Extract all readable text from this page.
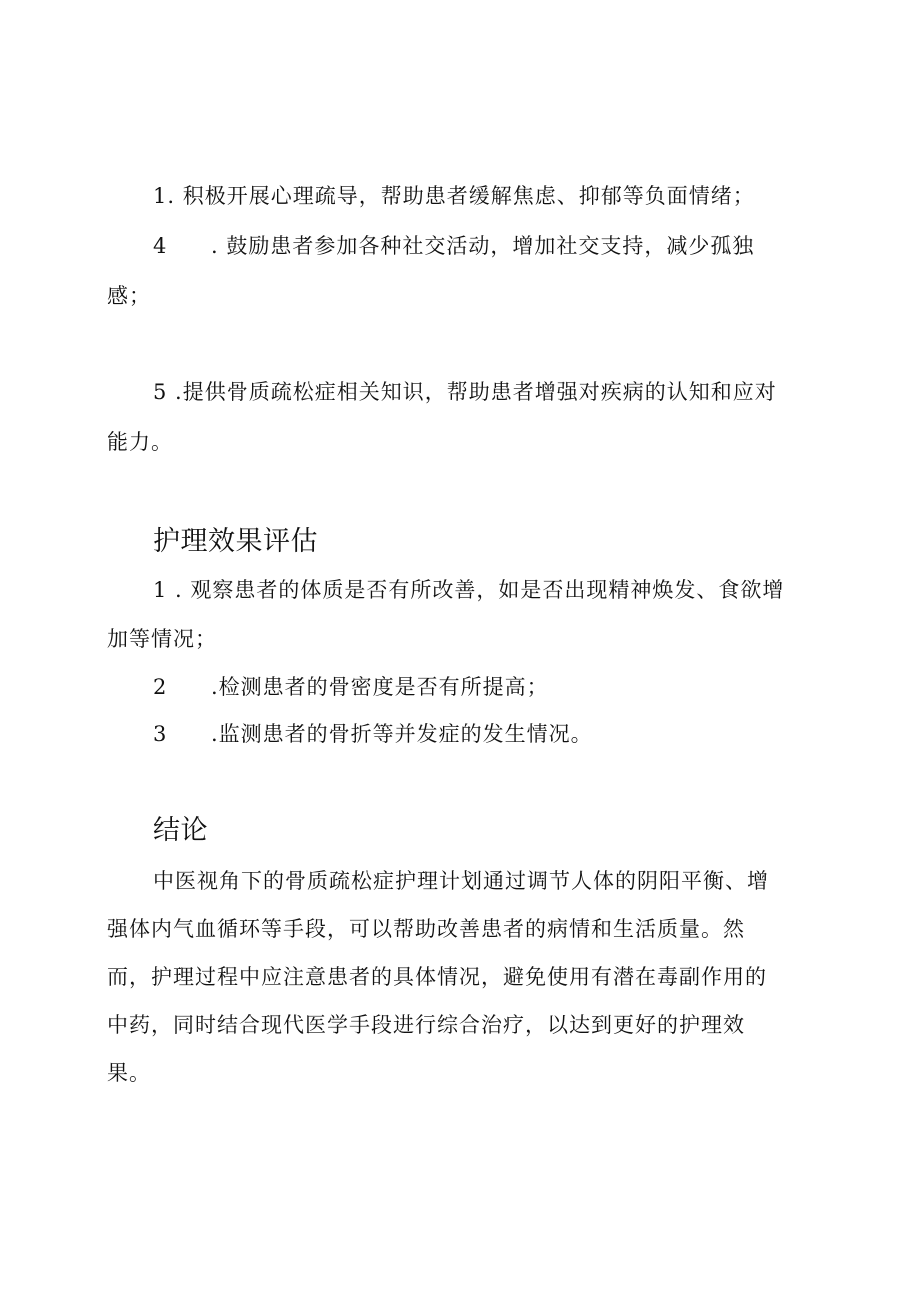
1. 积极开展心理疏导，帮助患者缓解焦虑、抑郁等负面情绪；
4 . 鼓励患者参加各种社交活动，增加社交支持，减少孤独
感；
5 .提供骨质疏松症相关知识，帮助患者增强对疾病的认知和应对
能力。
护理效果评估
1 . 观察患者的体质是否有所改善，如是否出现精神焕发、食欲增
加等情况；
2 .检测患者的骨密度是否有所提高；
3 .监测患者的骨折等并发症的发生情况。
结论
中医视角下的骨质疏松症护理计划通过调节人体的阴阳平衡、增
强体内气血循环等手段，可以帮助改善患者的病情和生活质量。然
而，护理过程中应注意患者的具体情况，避免使用有潜在毒副作用的
中药，同时结合现代医学手段进行综合治疗，以达到更好的护理效
果。
